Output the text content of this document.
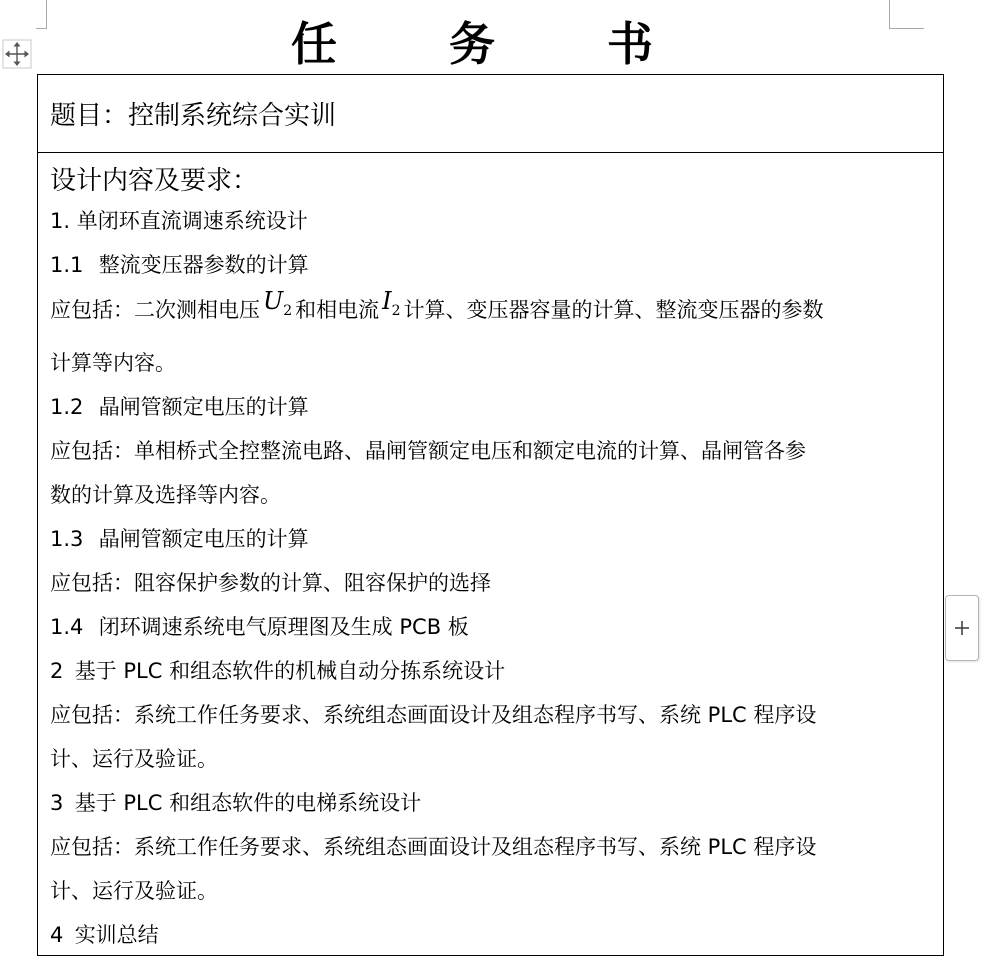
任 务 书
题目：控制系统综合实训
设计内容及要求：
1. 单闭环直流调速系统设计
1.1 整流变压器参数的计算
应包括：二次测相电压 $U_2$ 和相电流 $I_2$ 计算、变压器容量的计算、整流变压器的参数
计算等内容。
1.2 晶闸管额定电压的计算
应包括：单相桥式全控整流电路、晶闸管额定电压和额定电流的计算、晶闸管各参
数的计算及选择等内容。
1.3 晶闸管额定电压的计算
应包括：阻容保护参数的计算、阻容保护的选择
1.4 闭环调速系统电气原理图及生成 PCB 板
2 基于 PLC 和组态软件的机械自动分拣系统设计
应包括：系统工作任务要求、系统组态画面设计及组态程序书写、系统 PLC 程序设
计、运行及验证。
3 基于 PLC 和组态软件的电梯系统设计
应包括：系统工作任务要求、系统组态画面设计及组态程序书写、系统 PLC 程序设
计、运行及验证。
4 实训总结
